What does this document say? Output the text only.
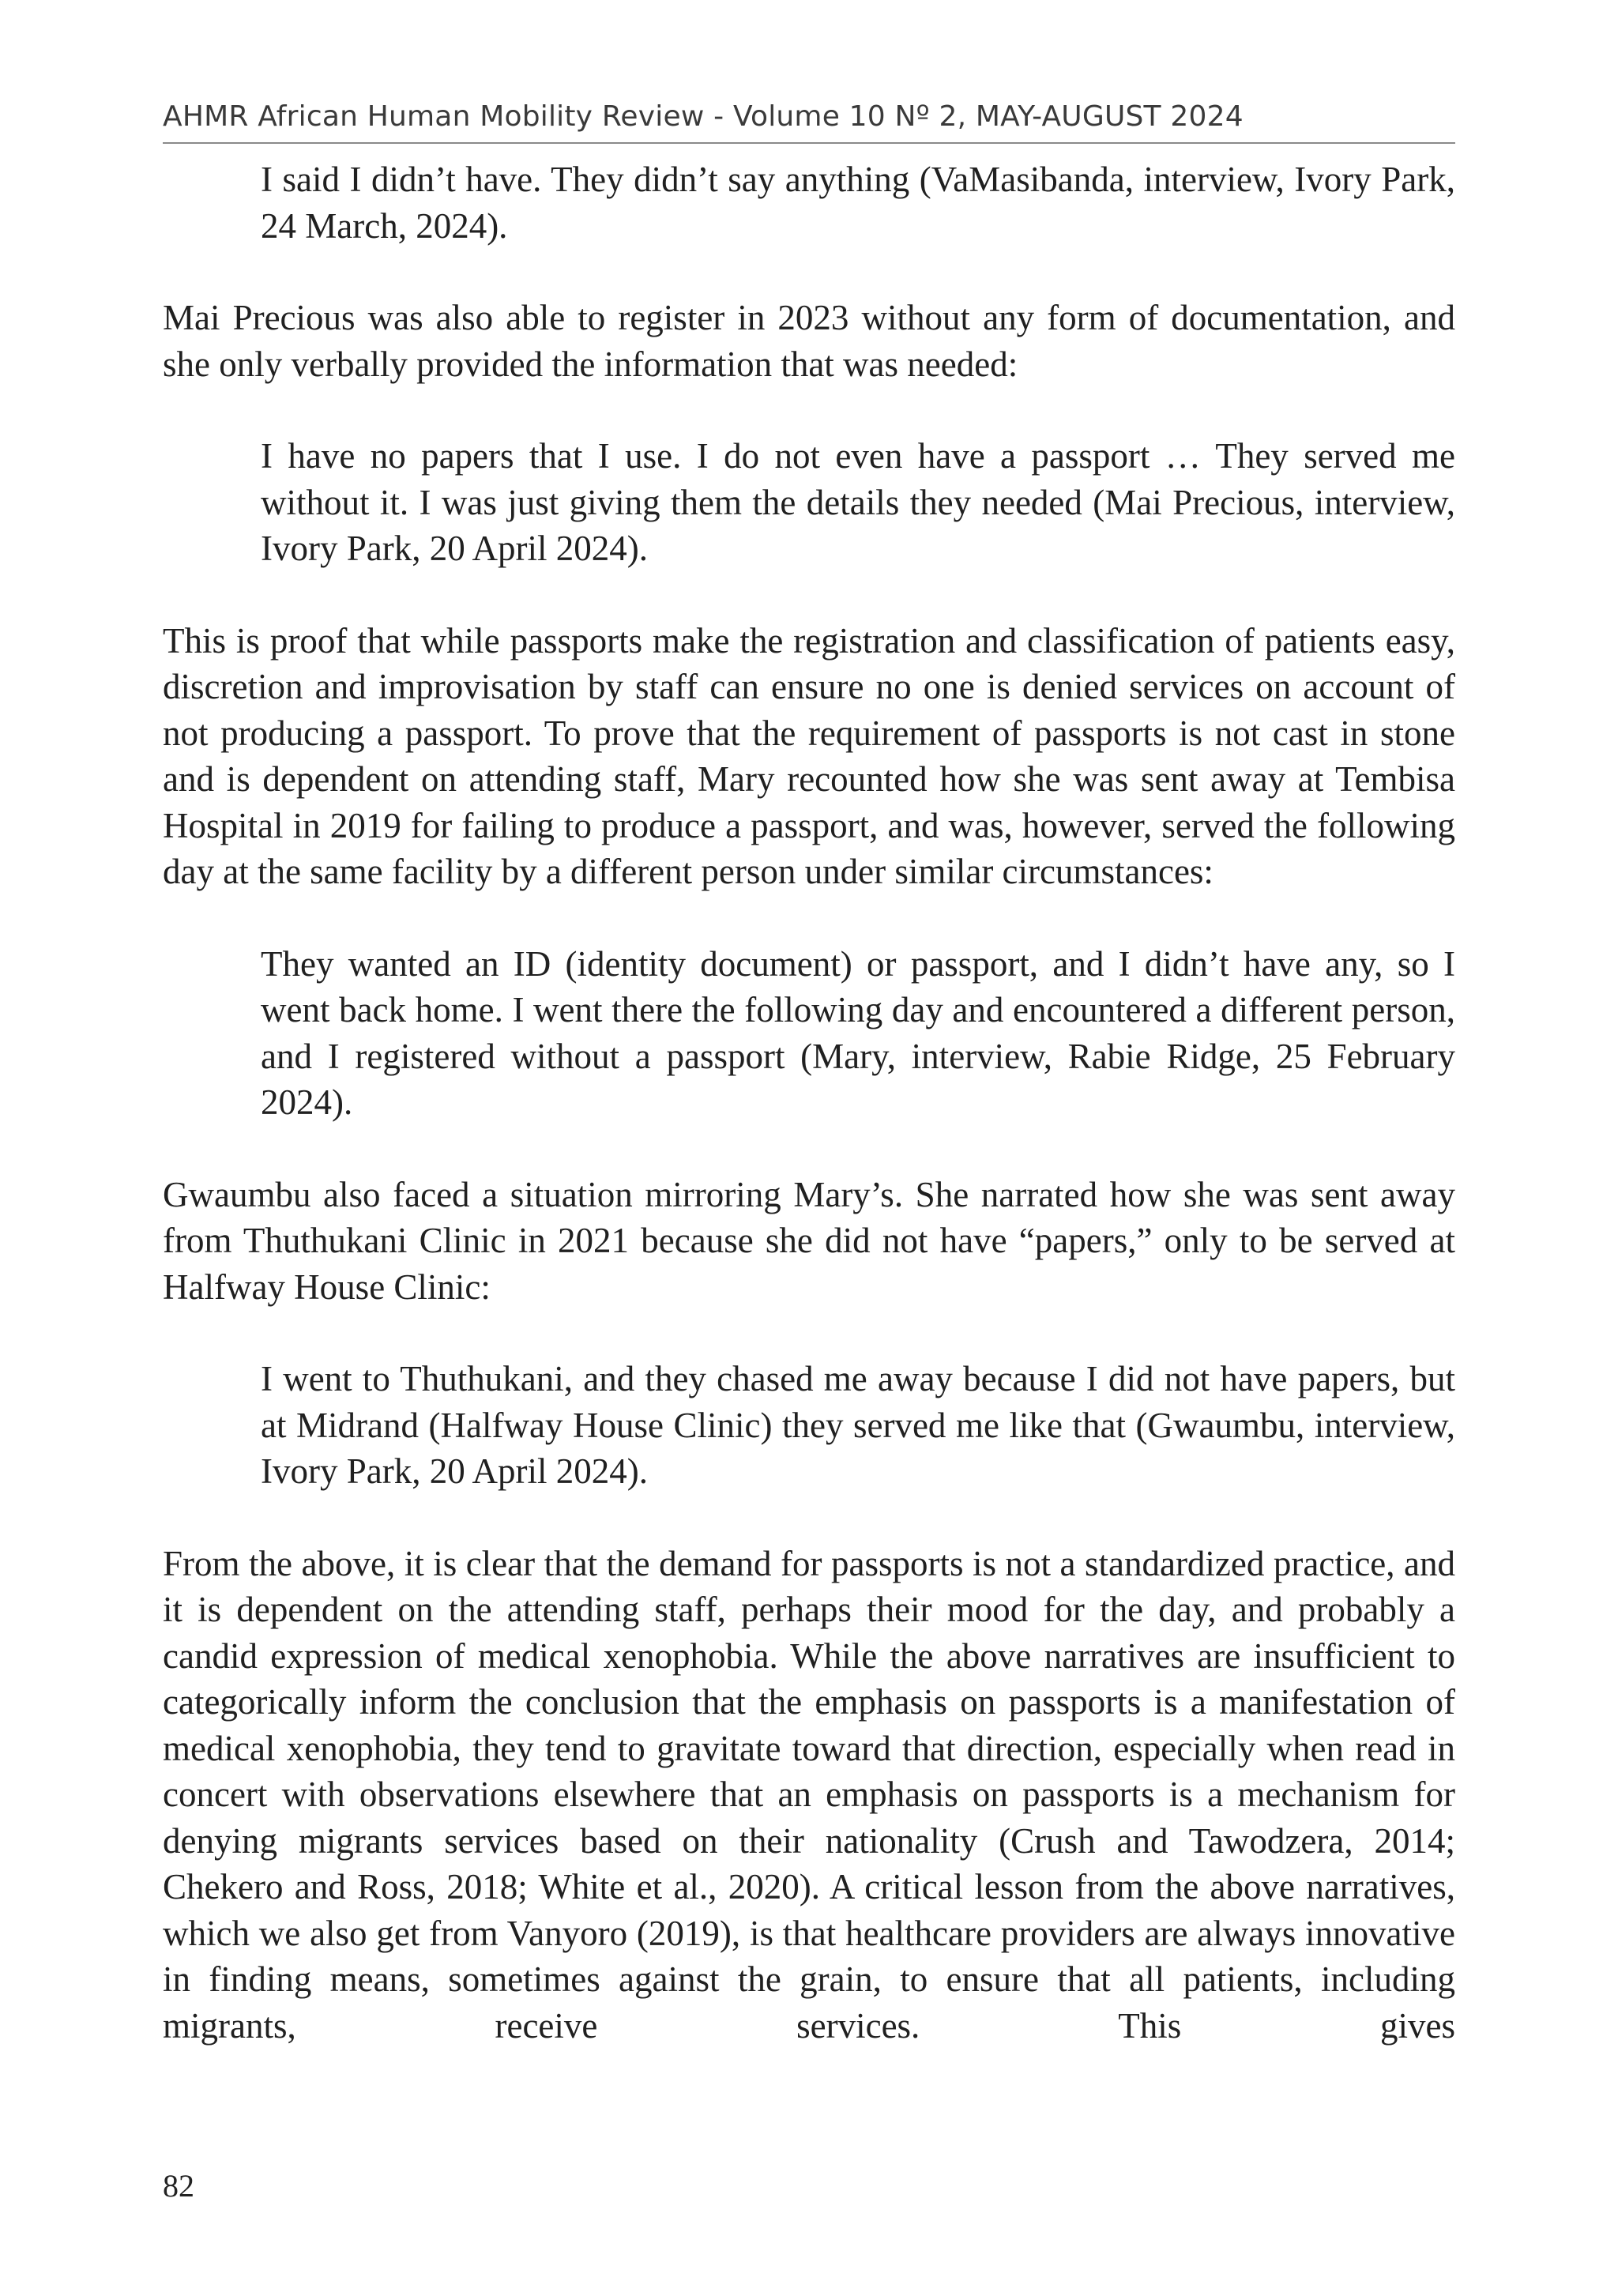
AHMR African Human Mobility Review - Volume 10 Nº 2, MAY-AUGUST 2024

I said I didn’t have. They didn’t say anything (VaMasibanda, interview, Ivory Park, 24 March, 2024).

Mai Precious was also able to register in 2023 without any form of documentation, and she only verbally provided the information that was needed:

I have no papers that I use. I do not even have a passport … They served me without it. I was just giving them the details they needed (Mai Precious, interview, Ivory Park, 20 April 2024).

This is proof that while passports make the registration and classification of patients easy, discretion and improvisation by staff can ensure no one is denied services on account of not producing a passport. To prove that the requirement of passports is not cast in stone and is dependent on attending staff, Mary recounted how she was sent away at Tembisa Hospital in 2019 for failing to produce a passport, and was, however, served the following day at the same facility by a different person under similar circumstances:

They wanted an ID (identity document) or passport, and I didn’t have any, so I went back home. I went there the following day and encountered a different person, and I registered without a passport (Mary, interview, Rabie Ridge, 25 February 2024).

Gwaumbu also faced a situation mirroring Mary’s. She narrated how she was sent away from Thuthukani Clinic in 2021 because she did not have “papers,” only to be served at Halfway House Clinic:

I went to Thuthukani, and they chased me away because I did not have papers, but at Midrand (Halfway House Clinic) they served me like that (Gwaumbu, interview, Ivory Park, 20 April 2024).

From the above, it is clear that the demand for passports is not a standardized practice, and it is dependent on the attending staff, perhaps their mood for the day, and probably a candid expression of medical xenophobia. While the above narratives are insufficient to categorically inform the conclusion that the emphasis on passports is a manifestation of medical xenophobia, they tend to gravitate toward that direction, especially when read in concert with observations elsewhere that an emphasis on passports is a mechanism for denying migrants services based on their nationality (Crush and Tawodzera, 2014; Chekero and Ross, 2018; White et al., 2020). A critical lesson from the above narratives, which we also get from Vanyoro (2019), is that healthcare providers are always innovative in finding means, sometimes against the grain, to ensure that all patients, including migrants, receive services. This gives

82
